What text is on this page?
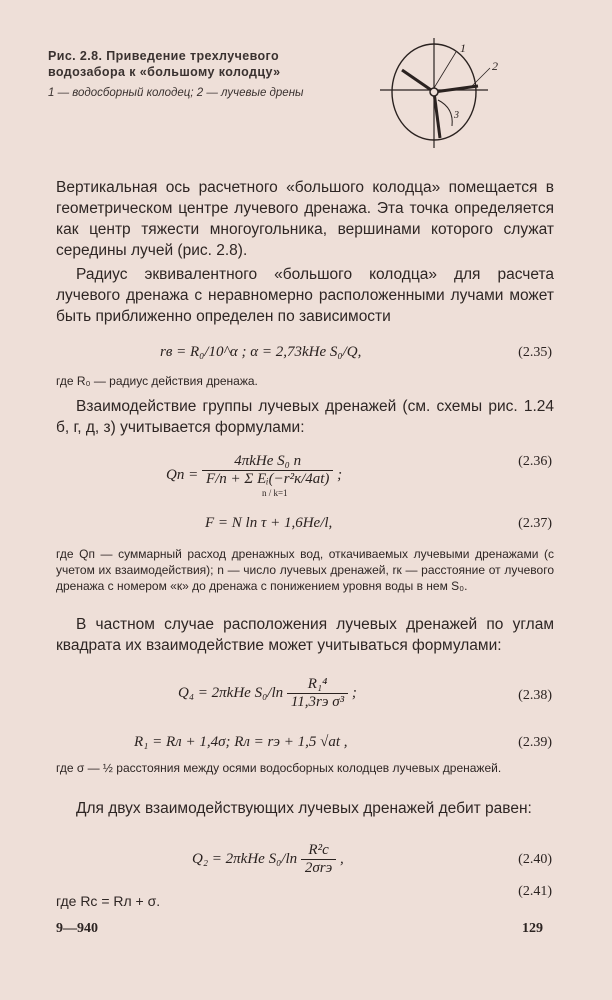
Рис. 2.8. Приведение трехлучевого водозабора к «большому колодцу»
1 — водосборный колодец; 2 — лучевые дрены
1
2
3
Вертикальная ось расчетного «большого колодца» помещается в геометрическом центре лучевого дренажа. Эта точка определяется как центр тяжести многоугольника, вершинами которого служат середины лучей (рис. 2.8).
Радиус эквивалентного «большого колодца» для расчета лучевого дренажа с неравномерно расположенными лучами может быть приближенно определен по зависимости
rв = R₀/10^α ; α = 2,73kHe S₀/Q,	(2.35)
где R₀ — радиус действия дренажа.
Взаимодействие группы лучевых дренажей (см. схемы рис. 1.24 б, г, д, з) учитывается формулами:
Qп = 4πkHe S₀ n
F/n + Σ Eᵢ(−r²к/4at)
n / k=1 ;
(2.36)
F = N ln τ + 1,6He/l,	(2.37)
где Qп — суммарный расход дренажных вод, откачиваемых лучевыми дренажами (с учетом их взаимодействия); n — число лучевых дренажей, rк — расстояние от лучевого дренажа с номером «к» до дренажа с понижением уровня воды в нем S₀.
В частном случае расположения лучевых дренажей по углам квадрата их взаимодействие может учитываться формулами:
Q₄ = 2πkHe $S_0/\ln \frac{\text{R₁⁴}}{\text{11,3rэ σ³}}$ ;	(2.38)
R₁ = Rл + 1,4σ; Rл = rэ + 1,5 √at ,	(2.39)
где σ — ½ расстояния между осями водосборных колодцев лучевых дренажей.
Для двух взаимодействующих лучевых дренажей дебит равен:
Q₂ = 2πkHe $S_0/\ln \frac{\text{R²c}}{\text{2σrэ}}$ ,	(2.40)
где Rc = Rл + σ.
(2.41)
9—940	129
